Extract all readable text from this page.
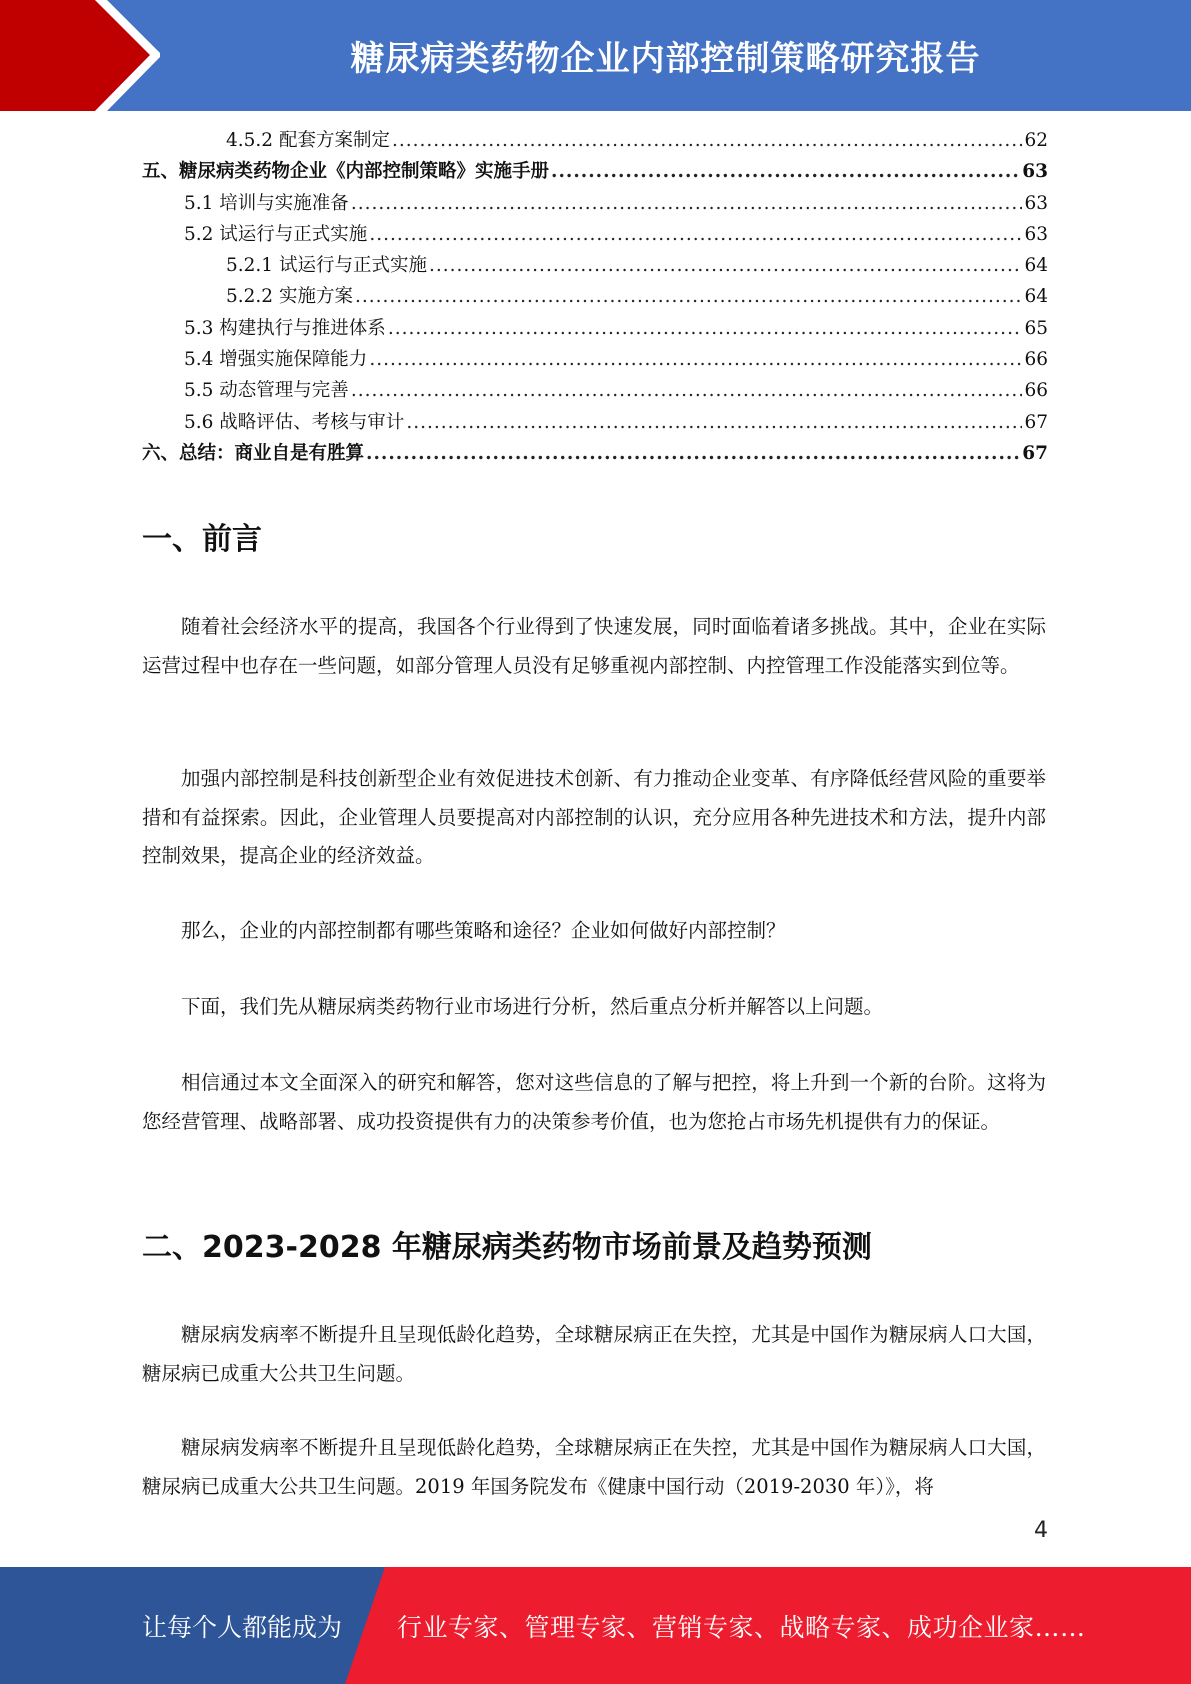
糖尿病类药物企业内部控制策略研究报告
4.5.2 配套方案制定 .....	62
五、糖尿病类药物企业《内部控制策略》实施手册 .....	63
5.1 培训与实施准备 .....	63
5.2 试运行与正式实施 .....	63
5.2.1 试运行与正式实施 .....	64
5.2.2 实施方案 .....	64
5.3 构建执行与推进体系 .....	65
5.4 增强实施保障能力 .....	66
5.5 动态管理与完善 .....	66
5.6 战略评估、考核与审计 .....	67
六、总结：商业自是有胜算 .....	67
一、前言

随着社会经济水平的提高，我国各个行业得到了快速发展，同时面临着诸多挑战。其中，企业在实际运营过程中也存在一些问题，如部分管理人员没有足够重视内部控制、内控管理工作没能落实到位等。

加强内部控制是科技创新型企业有效促进技术创新、有力推动企业变革、有序降低经营风险的重要举措和有益探索。因此，企业管理人员要提高对内部控制的认识，充分应用各种先进技术和方法，提升内部控制效果，提高企业的经济效益。

那么，企业的内部控制都有哪些策略和途径？企业如何做好内部控制？

下面，我们先从糖尿病类药物行业市场进行分析，然后重点分析并解答以上问题。

相信通过本文全面深入的研究和解答，您对这些信息的了解与把控，将上升到一个新的台阶。这将为您经营管理、战略部署、成功投资提供有力的决策参考价值，也为您抢占市场先机提供有力的保证。

二、2023-2028 年糖尿病类药物市场前景及趋势预测

糖尿病发病率不断提升且呈现低龄化趋势，全球糖尿病正在失控，尤其是中国作为糖尿病人口大国，糖尿病已成重大公共卫生问题。

糖尿病发病率不断提升且呈现低龄化趋势，全球糖尿病正在失控，尤其是中国作为糖尿病人口大国，糖尿病已成重大公共卫生问题。2019 年国务院发布《健康中国行动（2019-2030 年）》，将

4
让每个人都能成为 行业专家、管理专家、营销专家、战略专家、成功企业家……
